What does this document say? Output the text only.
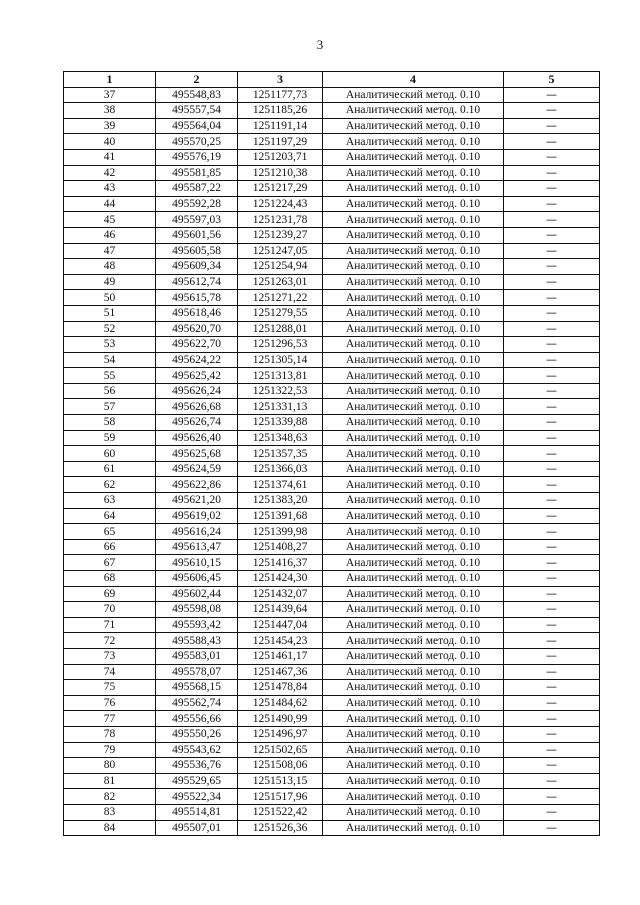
3
1	2	3	4	5
37	495548,83	1251177,73	Аналитический метод. 0.10	—
38	495557,54	1251185,26	Аналитический метод. 0.10	—
39	495564,04	1251191,14	Аналитический метод. 0.10	—
40	495570,25	1251197,29	Аналитический метод. 0.10	—
41	495576,19	1251203,71	Аналитический метод. 0.10	—
42	495581,85	1251210,38	Аналитический метод. 0.10	—
43	495587,22	1251217,29	Аналитический метод. 0.10	—
44	495592,28	1251224,43	Аналитический метод. 0.10	—
45	495597,03	1251231,78	Аналитический метод. 0.10	—
46	495601,56	1251239,27	Аналитический метод. 0.10	—
47	495605,58	1251247,05	Аналитический метод. 0.10	—
48	495609,34	1251254,94	Аналитический метод. 0.10	—
49	495612,74	1251263,01	Аналитический метод. 0.10	—
50	495615,78	1251271,22	Аналитический метод. 0.10	—
51	495618,46	1251279,55	Аналитический метод. 0.10	—
52	495620,70	1251288,01	Аналитический метод. 0.10	—
53	495622,70	1251296,53	Аналитический метод. 0.10	—
54	495624,22	1251305,14	Аналитический метод. 0.10	—
55	495625,42	1251313,81	Аналитический метод. 0.10	—
56	495626,24	1251322,53	Аналитический метод. 0.10	—
57	495626,68	1251331,13	Аналитический метод. 0.10	—
58	495626,74	1251339,88	Аналитический метод. 0.10	—
59	495626,40	1251348,63	Аналитический метод. 0.10	—
60	495625,68	1251357,35	Аналитический метод. 0.10	—
61	495624,59	1251366,03	Аналитический метод. 0.10	—
62	495622,86	1251374,61	Аналитический метод. 0.10	—
63	495621,20	1251383,20	Аналитический метод. 0.10	—
64	495619,02	1251391,68	Аналитический метод. 0.10	—
65	495616,24	1251399,98	Аналитический метод. 0.10	—
66	495613,47	1251408,27	Аналитический метод. 0.10	—
67	495610,15	1251416,37	Аналитический метод. 0.10	—
68	495606,45	1251424,30	Аналитический метод. 0.10	—
69	495602,44	1251432,07	Аналитический метод. 0.10	—
70	495598,08	1251439,64	Аналитический метод. 0.10	—
71	495593,42	1251447,04	Аналитический метод. 0.10	—
72	495588,43	1251454,23	Аналитический метод. 0.10	—
73	495583,01	1251461,17	Аналитический метод. 0.10	—
74	495578,07	1251467,36	Аналитический метод. 0.10	—
75	495568,15	1251478,84	Аналитический метод. 0.10	—
76	495562,74	1251484,62	Аналитический метод. 0.10	—
77	495556,66	1251490,99	Аналитический метод. 0.10	—
78	495550,26	1251496,97	Аналитический метод. 0.10	—
79	495543,62	1251502,65	Аналитический метод. 0.10	—
80	495536,76	1251508,06	Аналитический метод. 0.10	—
81	495529,65	1251513,15	Аналитический метод. 0.10	—
82	495522,34	1251517,96	Аналитический метод. 0.10	—
83	495514,81	1251522,42	Аналитический метод. 0.10	—
84	495507,01	1251526,36	Аналитический метод. 0.10	—
